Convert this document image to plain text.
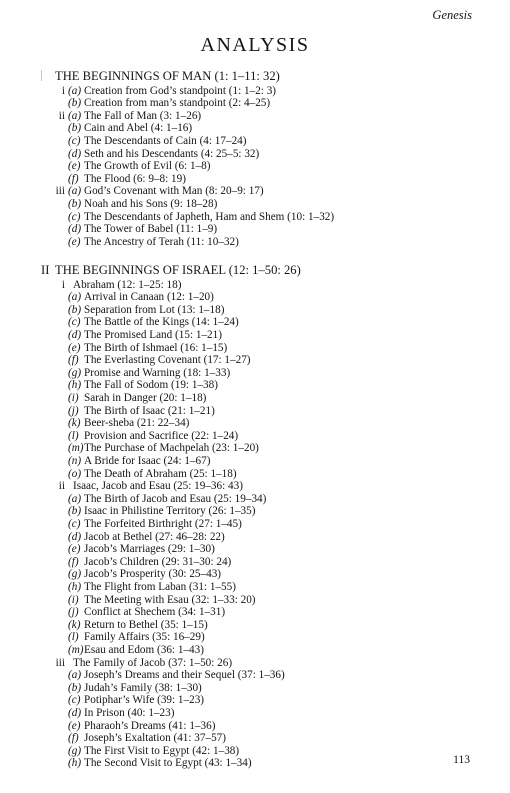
Genesis
ANALYSIS
THE BEGINNINGS OF MAN (1: 1–11: 32)
II THE BEGINNINGS OF ISRAEL (12: 1–50: 26)
i (a) Creation from God’s standpoint (1: 1–2: 3)
(b) Creation from man’s standpoint (2: 4–25)
ii (a) The Fall of Man (3: 1–26)
(b) Cain and Abel (4: 1–16)
(c) The Descendants of Cain (4: 17–24)
(d) Seth and his Descendants (4: 25–5: 32)
(e) The Growth of Evil (6: 1–8)
(f) The Flood (6: 9–8: 19)
iii (a) God’s Covenant with Man (8: 20–9: 17)
(b) Noah and his Sons (9: 18–28)
(c) The Descendants of Japheth, Ham and Shem (10: 1–32)
(d) The Tower of Babel (11: 1–9)
(e) The Ancestry of Terah (11: 10–32)
i Abraham (12: 1–25: 18)
(a) Arrival in Canaan (12: 1–20)
(b) Separation from Lot (13: 1–18)
(c) The Battle of the Kings (14: 1–24)
(d) The Promised Land (15: 1–21)
(e) The Birth of Ishmael (16: 1–15)
(f) The Everlasting Covenant (17: 1–27)
(g) Promise and Warning (18: 1–33)
(h) The Fall of Sodom (19: 1–38)
(i) Sarah in Danger (20: 1–18)
(j) The Birth of Isaac (21: 1–21)
(k) Beer-sheba (21: 22–34)
(l) Provision and Sacrifice (22: 1–24)
(m)The Purchase of Machpelah (23: 1–20)
(n) A Bride for Isaac (24: 1–67)
(o) The Death of Abraham (25: 1–18)
ii Isaac, Jacob and Esau (25: 19–36: 43)
(a) The Birth of Jacob and Esau (25: 19–34)
(b) Isaac in Philistine Territory (26: 1–35)
(c) The Forfeited Birthright (27: 1–45)
(d) Jacob at Bethel (27: 46–28: 22)
(e) Jacob’s Marriages (29: 1–30)
(f) Jacob’s Children (29: 31–30: 24)
(g) Jacob’s Prosperity (30: 25–43)
(h) The Flight from Laban (31: 1–55)
(i) The Meeting with Esau (32: 1–33: 20)
(j) Conflict at Shechem (34: 1–31)
(k) Return to Bethel (35: 1–15)
(l) Family Affairs (35: 16–29)
(m)Esau and Edom (36: 1–43)
iii The Family of Jacob (37: 1–50: 26)
(a) Joseph’s Dreams and their Sequel (37: 1–36)
(b) Judah’s Family (38: 1–30)
(c) Potiphar’s Wife (39: 1–23)
(d) In Prison (40: 1–23)
(e) Pharaoh’s Dreams (41: 1–36)
(f) Joseph’s Exaltation (41: 37–57)
(g) The First Visit to Egypt (42: 1–38)
(h) The Second Visit to Egypt (43: 1–34)	113
